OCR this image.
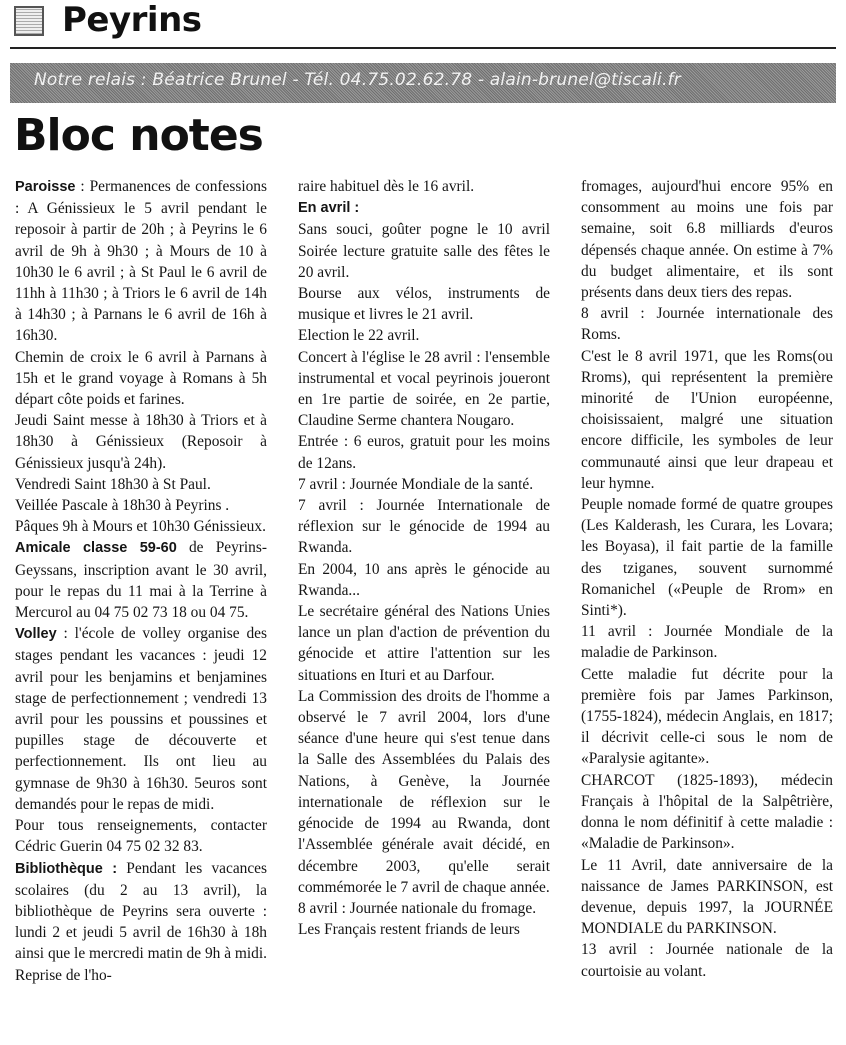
Peyrins
Notre relais : Béatrice Brunel - Tél. 04.75.02.62.78 - alain-brunel@tiscali.fr
Bloc notes

Paroisse : Permanences de confessions : A Génissieux le 5 avril pendant le reposoir à partir de 20h ; à Peyrins le 6 avril de 9h à 9h30 ; à Mours de 10 à 10h30 le 6 avril ; à St Paul le 6 avril de 11hh à 11h30 ; à Triors le 6 avril de 14h à 14h30 ; à Parnans le 6 avril de 16h à 16h30.

Chemin de croix le 6 avril à Parnans à 15h et le grand voyage à Romans à 5h départ côte poids et farines.

Jeudi Saint messe à 18h30 à Triors et à 18h30 à Génissieux (Reposoir à Génissieux jusqu'à 24h).

Vendredi Saint 18h30 à St Paul.

Veillée Pascale à 18h30 à Peyrins .

Pâques 9h à Mours et 10h30 Génissieux.

Amicale classe 59-60 de Peyrins-Geyssans, inscription avant le 30 avril, pour le repas du 11 mai à la Terrine à Mercurol au 04 75 02 73 18 ou 04 75.

Volley : l'école de volley organise des stages pendant les vacances : jeudi 12 avril pour les benjamins et benjamines stage de perfectionnement ; vendredi 13 avril pour les poussins et poussines et pupilles stage de découverte et perfectionnement. Ils ont lieu au gymnase de 9h30 à 16h30. 5euros sont demandés pour le repas de midi.

Pour tous renseignements, contacter Cédric Guerin 04 75 02 32 83.

Bibliothèque : Pendant les vacances scolaires (du 2 au 13 avril), la bibliothèque de Peyrins sera ouverte : lundi 2 et jeudi 5 avril de 16h30 à 18h ainsi que le mercredi matin de 9h à midi. Reprise de l'ho-

raire habituel dès le 16 avril.

En avril :

Sans souci, goûter pogne le 10 avril Soirée lecture gratuite salle des fêtes le 20 avril.

Bourse aux vélos, instruments de musique et livres le 21 avril.

Election le 22 avril.

Concert à l'église le 28 avril : l'ensemble instrumental et vocal peyrinois joueront en 1re partie de soirée, en 2e partie, Claudine Serme chantera Nougaro.

Entrée : 6 euros, gratuit pour les moins de 12ans.

7 avril : Journée Mondiale de la santé.

7 avril : Journée Internationale de réflexion sur le génocide de 1994 au Rwanda.

En 2004, 10 ans après le génocide au Rwanda...

Le secrétaire général des Nations Unies lance un plan d'action de prévention du génocide et attire l'attention sur les situations en Ituri et au Darfour.

La Commission des droits de l'homme a observé le 7 avril 2004, lors d'une séance d'une heure qui s'est tenue dans la Salle des Assemblées du Palais des Nations, à Genève, la Journée internationale de réflexion sur le génocide de 1994 au Rwanda, dont l'Assemblée générale avait décidé, en décembre 2003, qu'elle serait commémorée le 7 avril de chaque année.

8 avril : Journée nationale du fromage.

Les Français restent friands de leurs

fromages, aujourd'hui encore 95% en consomment au moins une fois par semaine, soit 6.8 milliards d'euros dépensés chaque année. On estime à 7% du budget alimentaire, et ils sont présents dans deux tiers des repas.

8 avril : Journée internationale des Roms.

C'est le 8 avril 1971, que les Roms(ou Rroms), qui représentent la première minorité de l'Union européenne, choisissaient, malgré une situation encore difficile, les symboles de leur communauté ainsi que leur drapeau et leur hymne.

Peuple nomade formé de quatre groupes (Les Kalderash, les Curara, les Lovara; les Boyasa), il fait partie de la famille des tziganes, souvent surnommé Romanichel («Peuple de Rrom» en Sinti*).

11 avril : Journée Mondiale de la maladie de Parkinson.

Cette maladie fut décrite pour la première fois par James Parkinson, (1755-1824), médecin Anglais, en 1817; il décrivit celle-ci sous le nom de «Paralysie agitante».

CHARCOT (1825-1893), médecin Français à l'hôpital de la Salpêtrière, donna le nom définitif à cette maladie : «Maladie de Parkinson».

Le 11 Avril, date anniversaire de la naissance de James PARKINSON, est devenue, depuis 1997, la JOURNÉE MONDIALE du PARKINSON.

13 avril : Journée nationale de la courtoisie au volant.
